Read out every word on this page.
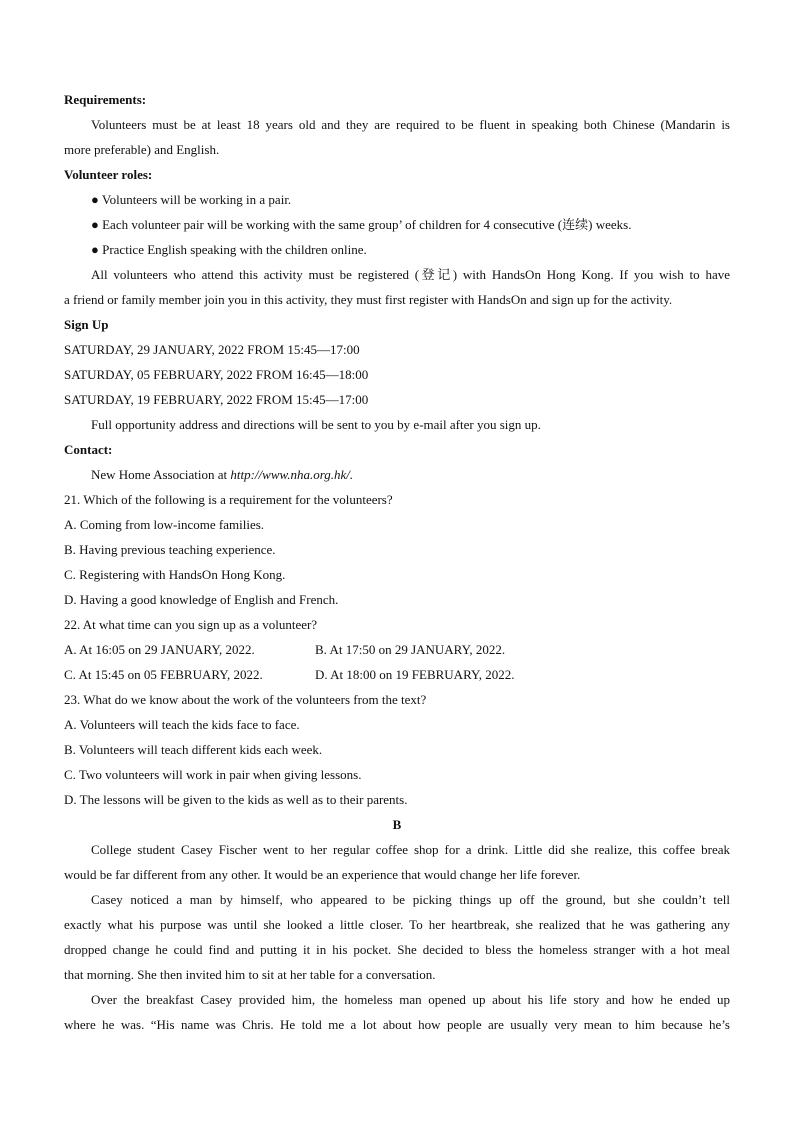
Requirements:
Volunteers must be at least 18 years old and they are required to be fluent in speaking both Chinese (Mandarin is
more preferable) and English.
Volunteer roles:
● Volunteers will be working in a pair.
● Each volunteer pair will be working with the same group’ of children for 4 consecutive (连续) weeks.
● Practice English speaking with the children online.
All volunteers who attend this activity must be registered (登记) with HandsOn Hong Kong. If you wish to have
a friend or family member join you in this activity, they must first register with HandsOn and sign up for the activity.
Sign Up
SATURDAY, 29 JANUARY, 2022 FROM 15:45—17:00
SATURDAY, 05 FEBRUARY, 2022 FROM 16:45—18:00
SATURDAY, 19 FEBRUARY, 2022 FROM 15:45—17:00
Full opportunity address and directions will be sent to you by e-mail after you sign up.
Contact:
New Home Association at http://www.nha.org.hk/.
21. Which of the following is a requirement for the volunteers?
A. Coming from low-income families.
B. Having previous teaching experience.
C. Registering with HandsOn Hong Kong.
D. Having a good knowledge of English and French.
22. At what time can you sign up as a volunteer?
A. At 16:05 on 29 JANUARY, 2022.	B. At 17:50 on 29 JANUARY, 2022.
C. At 15:45 on 05 FEBRUARY, 2022.	D. At 18:00 on 19 FEBRUARY, 2022.
23. What do we know about the work of the volunteers from the text?
A. Volunteers will teach the kids face to face.
B. Volunteers will teach different kids each week.
C. Two volunteers will work in pair when giving lessons.
D. The lessons will be given to the kids as well as to their parents.
B
College student Casey Fischer went to her regular coffee shop for a drink. Little did she realize, this coffee break
would be far different from any other. It would be an experience that would change her life forever.
Casey noticed a man by himself, who appeared to be picking things up off the ground, but she couldn’t tell
exactly what his purpose was until she looked a little closer. To her heartbreak, she realized that he was gathering any
dropped change he could find and putting it in his pocket. She decided to bless the homeless stranger with a hot meal
that morning. She then invited him to sit at her table for a conversation.
Over the breakfast Casey provided him, the homeless man opened up about his life story and how he ended up
where he was. “His name was Chris. He told me a lot about how people are usually very mean to him because he’s
